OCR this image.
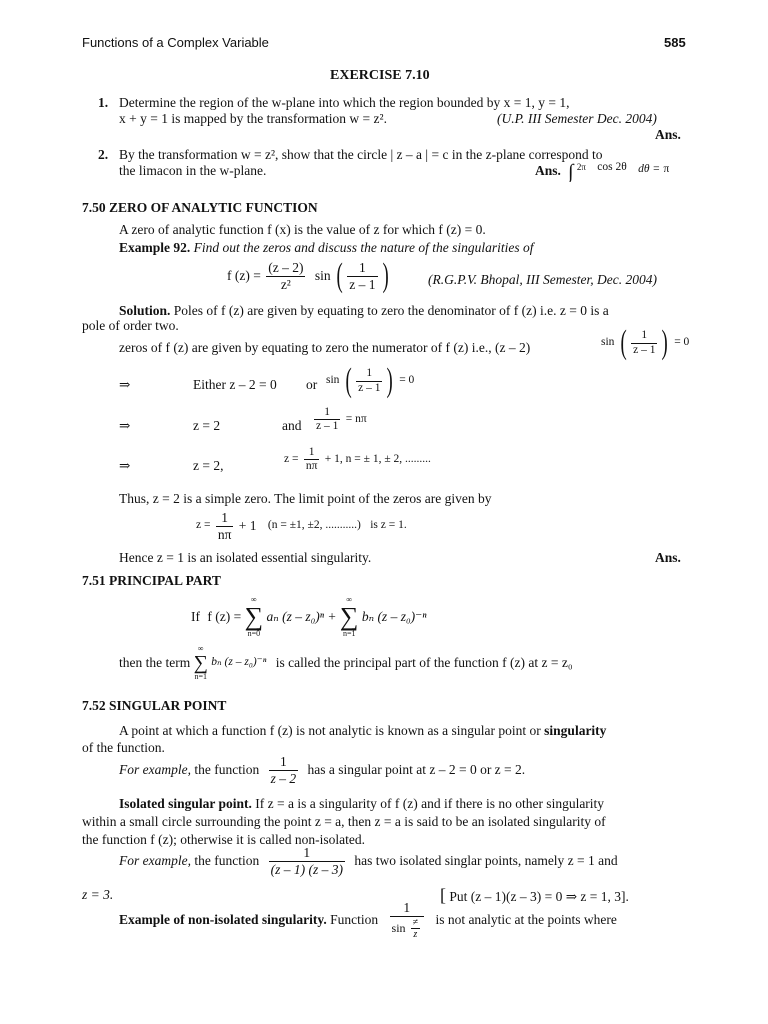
Functions of a Complex Variable	585
EXERCISE 7.10
1. Determine the region of the w-plane into which the region bounded by x = 1, y = 1,
x + y = 1 is mapped by the transformation w = z².	(U.P. III Semester Dec. 2004)
Ans.
2. By the transformation w = z², show that the circle | z – a | = c in the z-plane correspond to
the limacon in the w-plane.	Ans. ∫ 2π cos 2θ dθ = π
7.50 ZERO OF ANALYTIC FUNCTION
A zero of analytic function f (x) is the value of z for which f (z) = 0.
Example 92. Find out the zeros and discuss the nature of the singularities of
f $(z) = \frac{(z - 2)}{\text{z²}}$ sin ( $\frac{1}{z - 1}$ )	(R.G.P.V. Bhopal, III Semester, Dec. 2004)
Solution. Poles of f (z) are given by equating to zero the denominator of f (z) i.e. z = 0 is a
pole of order two.
zeros of f (z) are given by equating to zero the numerator of f (z) i.e., (z – 2)	sin ( $\frac{1}{z - 1}$ ) = 0
⇒	Either z – 2 = 0 or sin ( $\frac{1}{z - 1}$ ) = 0
⇒	z = 2	and $\frac{1}{z - 1} = n\pi$
⇒	z = 2,	$z = \frac{1}{n\pi} + 1$, n = ± 1, ± 2, .........
Thus, z = 2 is a simple zero. The limit point of the zeros are given by
$z = \frac{1}{n\pi} + 1$ (n = ±1, ±2, ...........) is z = 1.
Hence z = 1 is an isolated essential singularity.	Ans.
7.51 PRINCIPAL PART
If f (z) =
∞
∑
n=0
aₙ (z – z₀)ⁿ +
∞
∑
n=1
bₙ (z – z₀)⁻ⁿ
then the term
∞
∑
n=1
bₙ (z – z₀)⁻ⁿ is called the principal part of the function f (z) at z = z₀
7.52 SINGULAR POINT
A point at which a function f (z) is not analytic is known as a singular point or singularity
of the function.
For example, the function $\frac{1}{z - 2}$ has a singular point at z – 2 = 0 or z = 2.
Isolated singular point. If z = a is a singularity of f (z) and if there is no other singularity
within a small circle surrounding the point z = a, then z = a is said to be an isolated singularity of
the function f (z); otherwise it is called non-isolated.
For example, the function $\frac{1}{(z - 1) (z - 3)}$ has two isolated singlar points, namely z = 1 and
z = 3.	[ Put (z – 1)(z – 3) = 0 ⇒ z = 1, 3].
Example of non-isolated singularity. Function $\frac{1}{\sin \frac{\ne}{z}}$ is not analytic at the points where
